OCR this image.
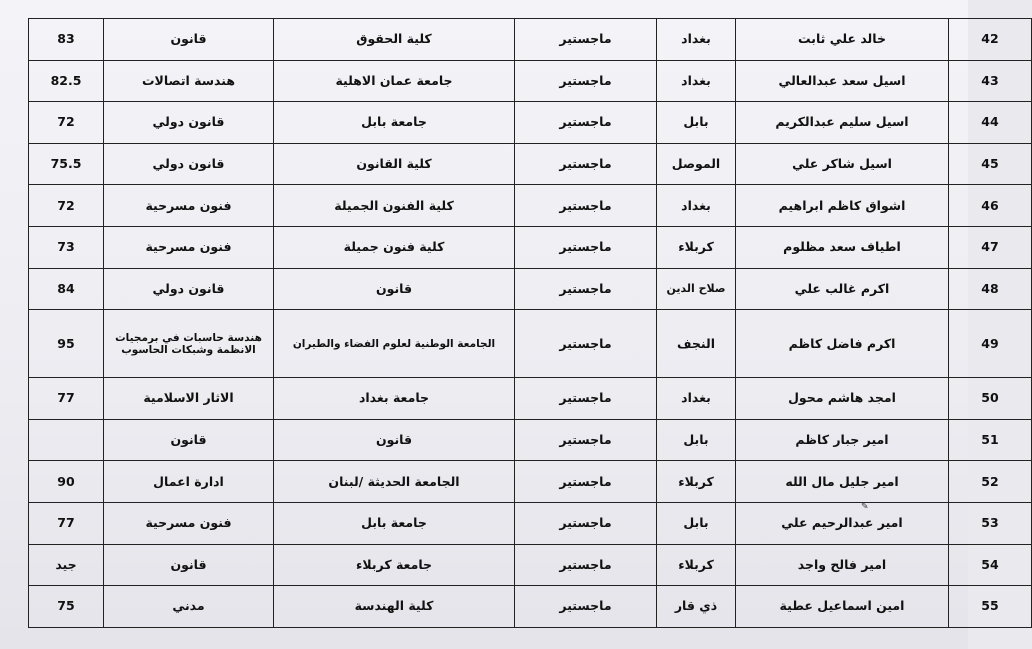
83	قانون	كلية الحقوق	ماجستير	بغداد	خالد علي ثابت	42
82.5	هندسة اتصالات	جامعة عمان الاهلية	ماجستير	بغداد	اسيل سعد عبدالعالي	43
72	قانون دولي	جامعة بابل	ماجستير	بابل	اسيل سليم عبدالكريم	44
75.5	قانون دولي	كلية القانون	ماجستير	الموصل	اسيل شاكر علي	45
72	فنون مسرحية	كلية الفنون الجميلة	ماجستير	بغداد	اشواق كاظم ابراهيم	46
73	فنون مسرحية	كلية فنون جميلة	ماجستير	كربلاء	اطياف سعد مظلوم	47
84	قانون دولي	قانون	ماجستير	صلاح الدين	اكرم غالب علي	48
95	هندسة حاسبات في برمجيات الانظمة وشبكات الحاسوب	الجامعة الوطنية لعلوم الفضاء والطيران	ماجستير	النجف	اكرم فاضل كاظم	49
77	الاثار الاسلامية	جامعة بغداد	ماجستير	بغداد	امجد هاشم محول	50
	قانون	قانون	ماجستير	بابل	امير جبار كاظم	51
90	ادارة اعمال	الجامعة الحديثة /لبنان	ماجستير	كربلاء	امير جليل مال الله	52
77	فنون مسرحية	جامعة بابل	ماجستير	بابل	امير عبدالرحيم علي	53
جيد	قانون	جامعة كربلاء	ماجستير	كربلاء	امير فالح واجد	54
75	مدني	كلية الهندسة	ماجستير	ذي قار	امين اسماعيل عطية	55
✎
